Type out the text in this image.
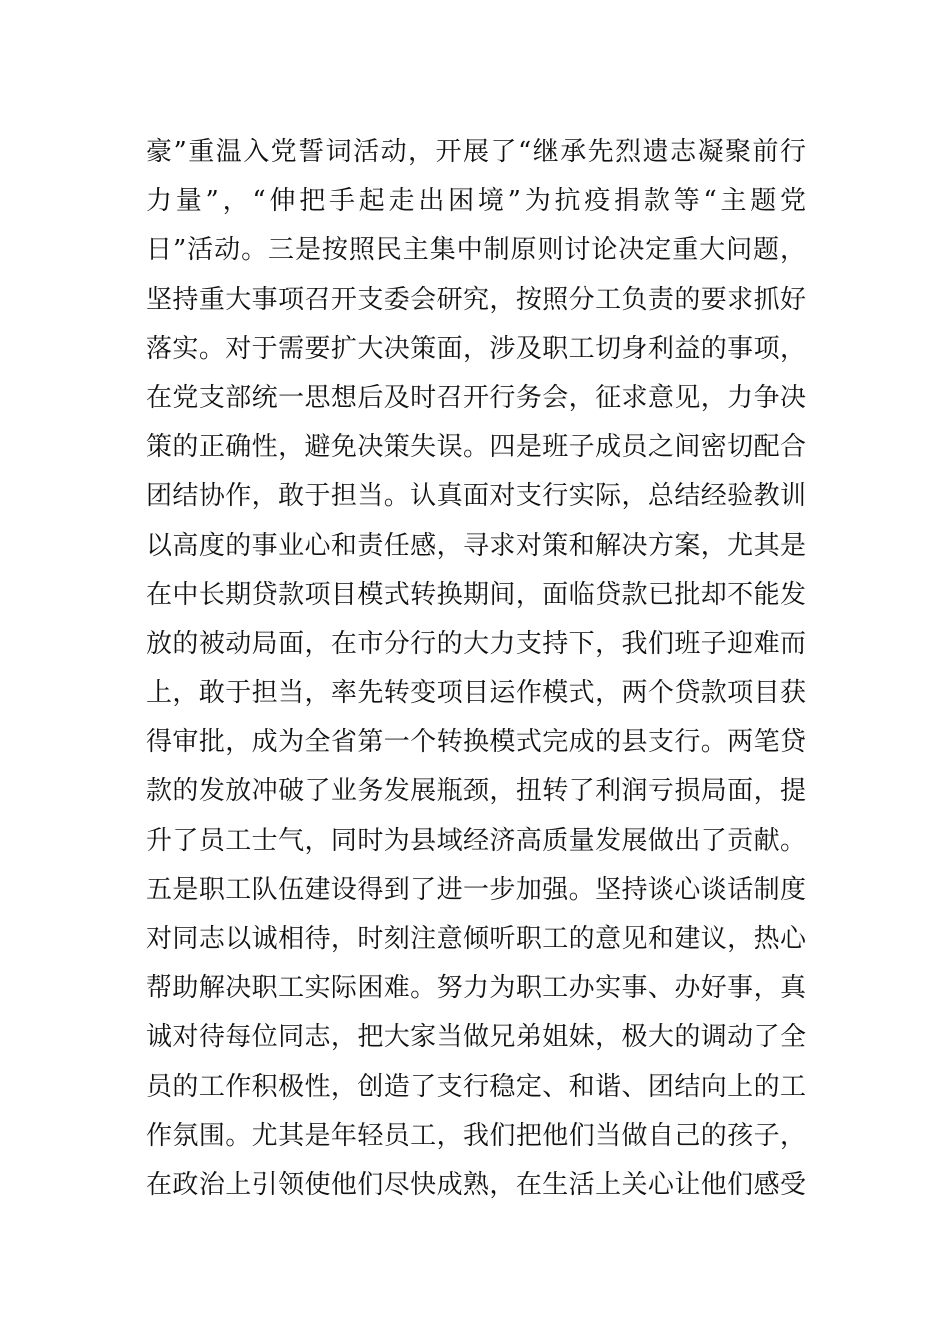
豪”重温入党誓词活动，开展了“继承先烈遗志凝聚前行
力量”，“伸把手起走出困境”为抗疫捐款等“主题党
日”活动。三是按照民主集中制原则讨论决定重大问题，
坚持重大事项召开支委会研究，按照分工负责的要求抓好
落实。对于需要扩大决策面，涉及职工切身利益的事项，
在党支部统一思想后及时召开行务会，征求意见，力争决
策的正确性，避免决策失误。四是班子成员之间密切配合
团结协作，敢于担当。认真面对支行实际，总结经验教训
以高度的事业心和责任感，寻求对策和解决方案，尤其是
在中长期贷款项目模式转换期间，面临贷款已批却不能发
放的被动局面，在市分行的大力支持下，我们班子迎难而
上，敢于担当，率先转变项目运作模式，两个贷款项目获
得审批，成为全省第一个转换模式完成的县支行。两笔贷
款的发放冲破了业务发展瓶颈，扭转了利润亏损局面，提
升了员工士气，同时为县域经济高质量发展做出了贡献。
五是职工队伍建设得到了进一步加强。坚持谈心谈话制度
对同志以诚相待，时刻注意倾听职工的意见和建议，热心
帮助解决职工实际困难。努力为职工办实事、办好事，真
诚对待每位同志，把大家当做兄弟姐妹，极大的调动了全
员的工作积极性，创造了支行稳定、和谐、团结向上的工
作氛围。尤其是年轻员工，我们把他们当做自己的孩子，
在政治上引领使他们尽快成熟，在生活上关心让他们感受
